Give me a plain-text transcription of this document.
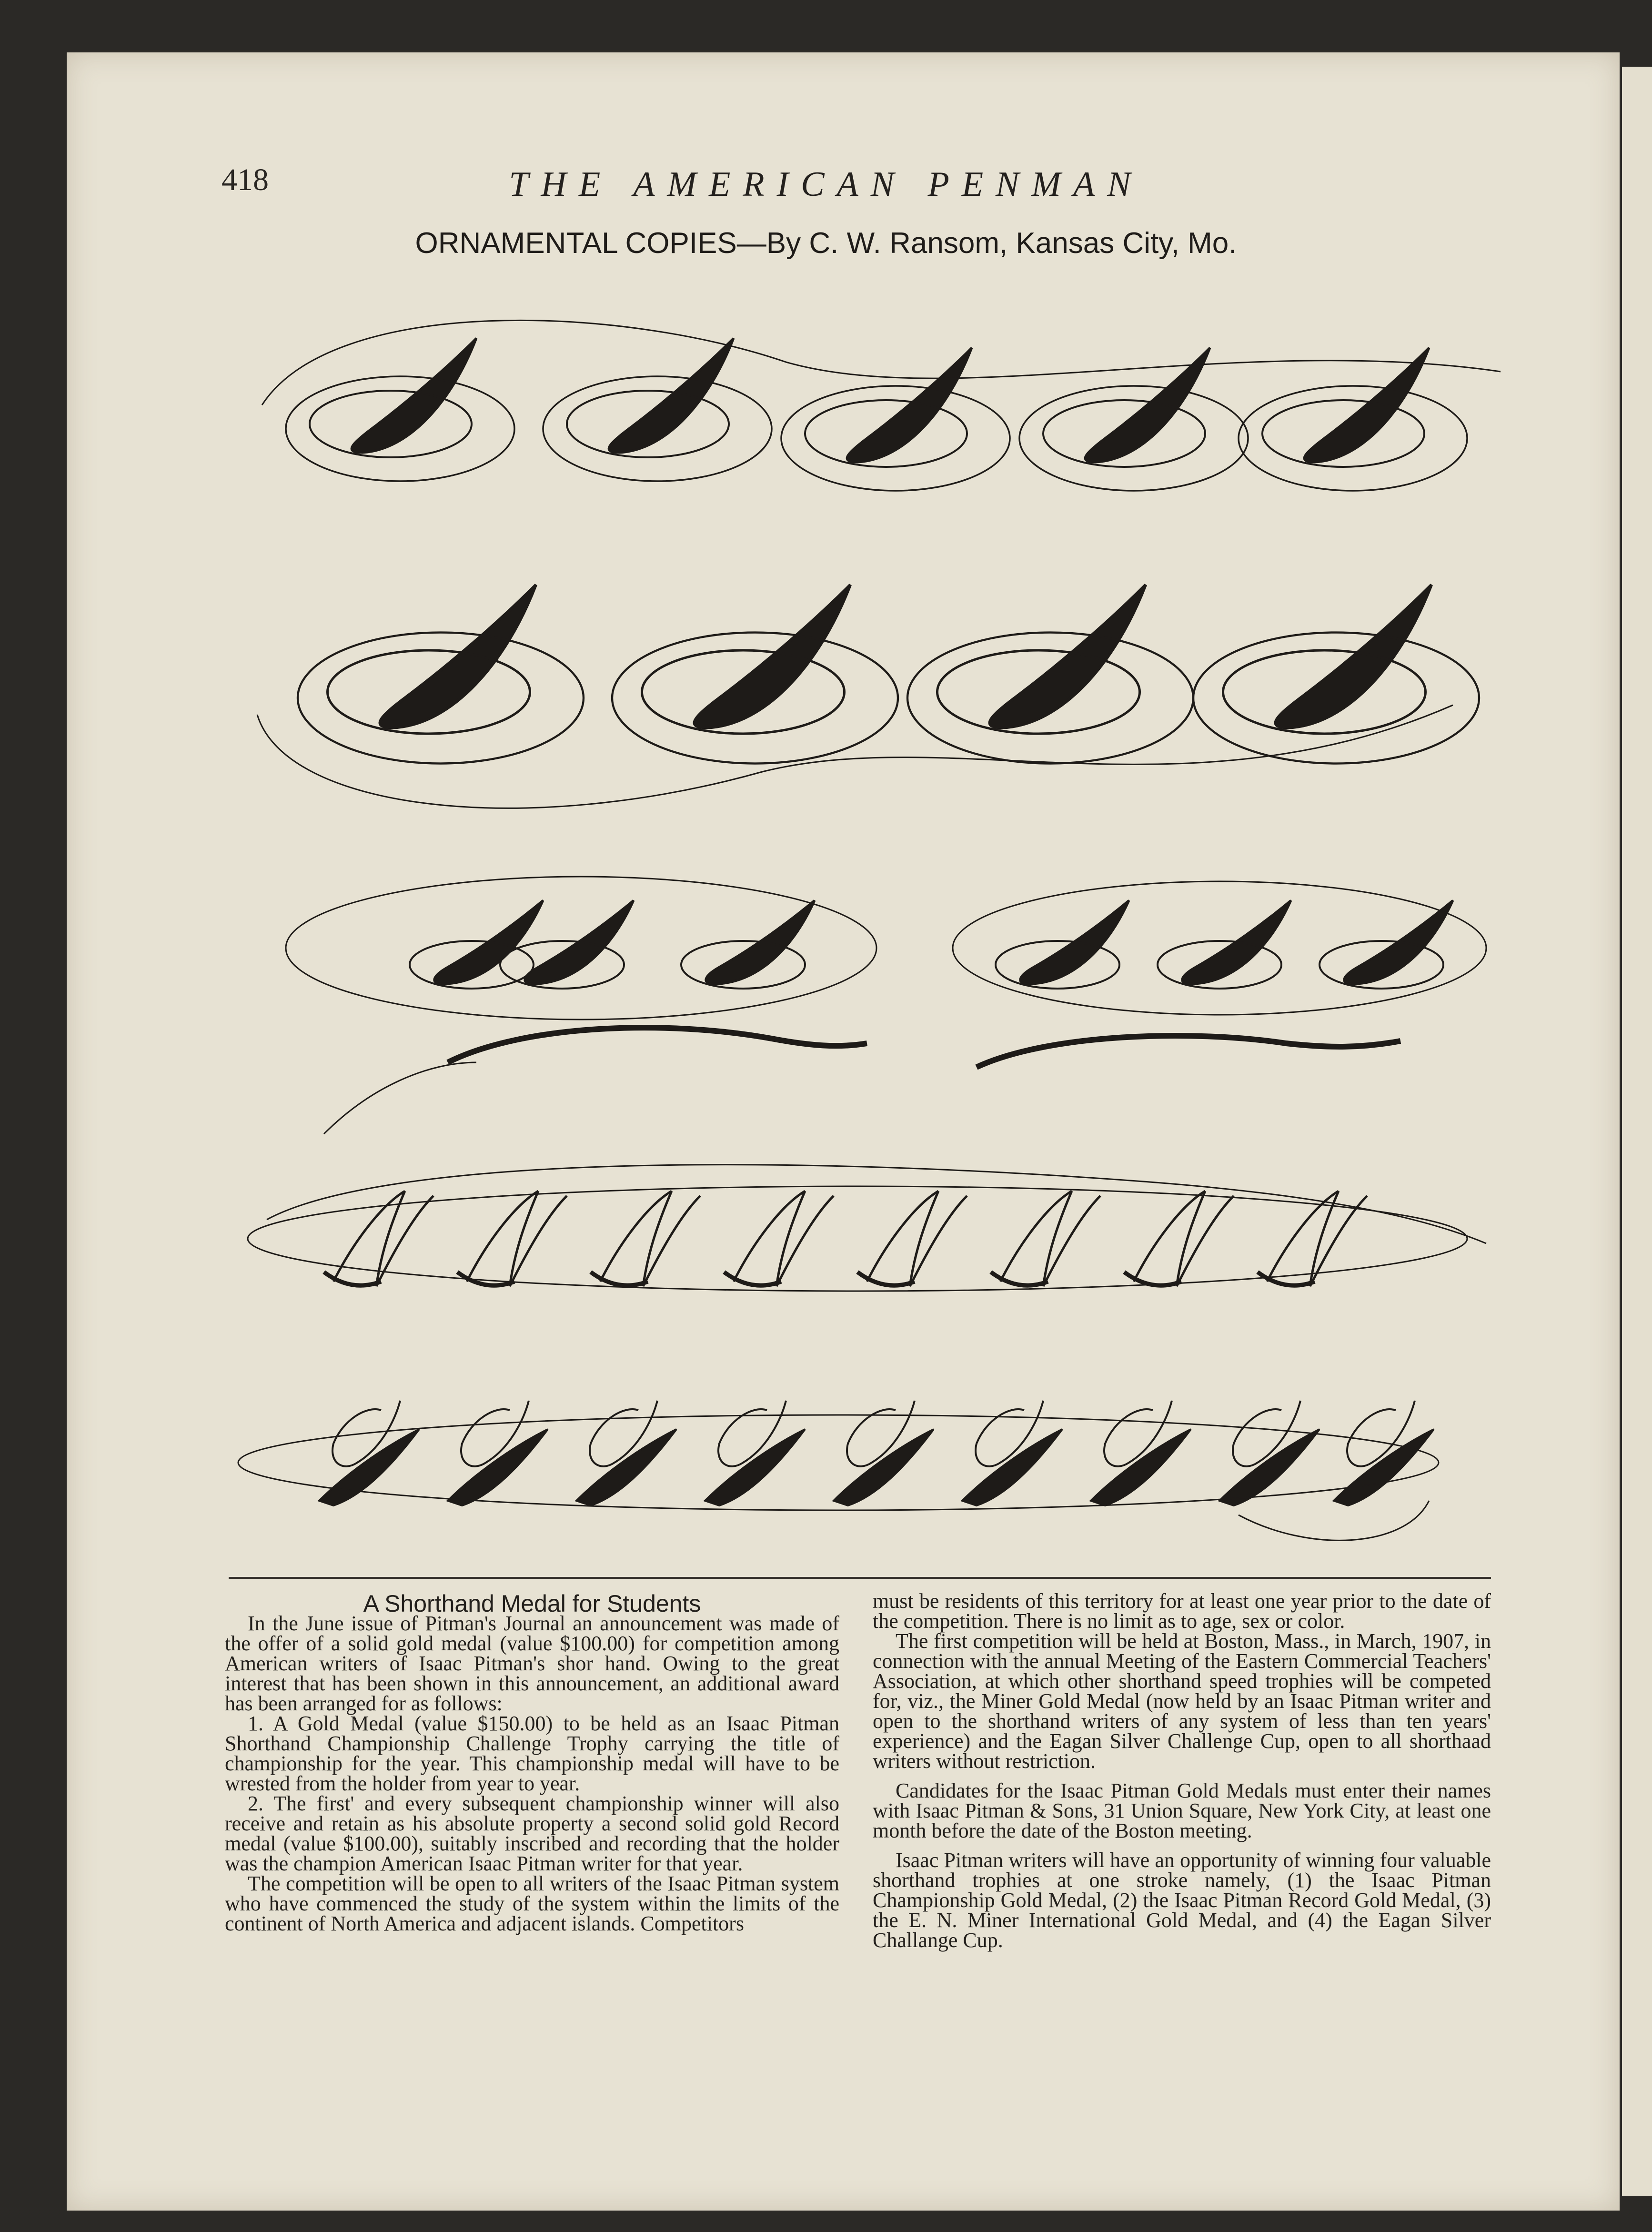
418	THE AMERICAN PENMAN
ORNAMENTAL COPIES—By C. W. Ransom, Kansas City, Mo.

A Shorthand Medal for Students

In the June issue of Pitman's Journal an announcement was made of the offer of a solid gold medal (value $100.00) for competition among American writers of Isaac Pitman's shor hand. Owing to the great interest that has been shown in this announcement, an additional award has been arranged for as follows:

1. A Gold Medal (value $150.00) to be held as an Isaac Pitman Shorthand Championship Challenge Trophy carrying the title of championship for the year. This championship medal will have to be wrested from the holder from year to year.

2. The first' and every subsequent championship winner will also receive and retain as his absolute property a second solid gold Record medal (value $100.00), suitably inscribed and recording that the holder was the champion American Isaac Pitman writer for that year.

The competition will be open to all writers of the Isaac Pitman system who have commenced the study of the system within the limits of the continent of North America and adjacent islands. Competitors

must be residents of this territory for at least one year prior to the date of the competition. There is no limit as to age, sex or color.

The first competition will be held at Boston, Mass., in March, 1907, in connection with the annual Meeting of the Eastern Commercial Teachers' Association, at which other shorthand speed trophies will be competed for, viz., the Miner Gold Medal (now held by an Isaac Pitman writer and open to the shorthand writers of any system of less than ten years' experience) and the Eagan Silver Challenge Cup, open to all shorthaad writers without restriction.

Candidates for the Isaac Pitman Gold Medals must enter their names with Isaac Pitman & Sons, 31 Union Square, New York City, at least one month before the date of the Boston meeting.

Isaac Pitman writers will have an opportunity of winning four valuable shorthand trophies at one stroke namely, (1) the Isaac Pitman Championship Gold Medal, (2) the Isaac Pitman Record Gold Medal, (3) the E. N. Miner International Gold Medal, and (4) the Eagan Silver Challange Cup.
